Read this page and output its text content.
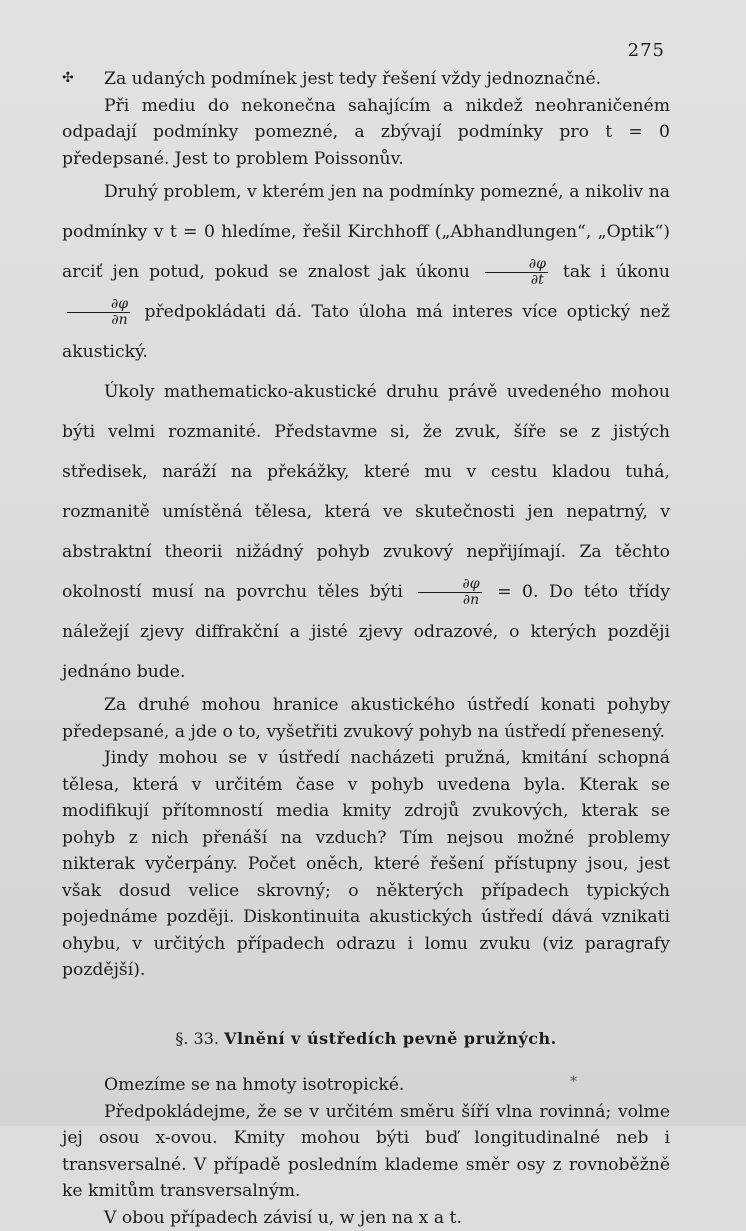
275
✣	Za udaných podmínek jest tedy řešení vždy jednoznačné.

Při mediu do nekonečna sahajícím a nikdež neohraničeném odpadají podmínky pomezné, a zbývají podmínky pro t = 0 předepsané. Jest to problem Poissonův.

Druhý problem, v kterém jen na podmínky pomezné, a nikoliv na podmínky v t = 0 hledíme, řešil Kirchhoff („Abhandlungen“, „Optik“) arciť jen potud, pokud se znalost jak úkonu $\frac{\partial\varphi}{\partial t}$ tak i úkonu
$\frac{\partial\varphi}{\partial n}$ předpokládati dá. Tato úloha má interes více optický než akustický.

Úkoly mathematicko-akustické druhu právě uvedeného mohou býti velmi rozmanité. Představme si, že zvuk, šíře se z jistých středisek, naráží na překážky, které mu v cestu kladou tuhá, rozmanitě umístěná tělesa, která ve skutečnosti jen nepatrný, v abstraktní theorii nižádný pohyb zvukový nepřijímají. Za těchto okolností musí na povrchu těles býti $\frac{\partial\varphi}{\partial n} = 0$. Do této třídy náležejí zjevy diffrakční a jisté zjevy odrazové, o kterých později jednáno bude.

Za druhé mohou hranice akustického ústředí konati pohyby předepsané, a jde o to, vyšetřiti zvukový pohyb na ústředí přenesený.

Jindy mohou se v ústředí nacházeti pružná, kmitání schopná tělesa, která v určitém čase v pohyb uvedena byla. Kterak se modifikují přítomností media kmity zdrojů zvukových, kterak se pohyb z nich přenáší na vzduch? Tím nejsou možné problemy nikterak vyčerpány. Počet oněch, které řešení přístupny jsou, jest však dosud velice skrovný; o některých případech typických pojednáme později. Diskontinuita akustických ústředí dává vznikati ohybu, v určitých případech odrazu i lomu zvuku (viz paragrafy pozdější).

§. 33. Vlnění v ústředích pevně pružných.

Omezíme se na hmoty isotropické.

Předpokládejme, že se v určitém směru šíří vlna rovinná; volme jej osou x-ovou. Kmity mohou býti buď longitudinalné neb i transversalné. V případě posledním klademe směr osy z rovnoběžně ke kmitům transversalným.

V obou případech závisí u, w jen na x a t.

*
